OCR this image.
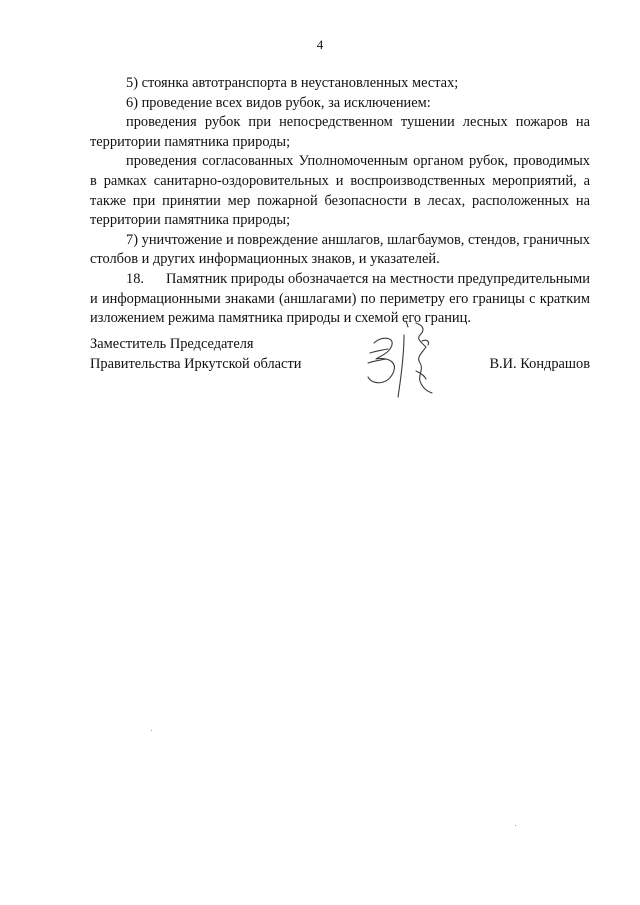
4

5) стоянка автотранспорта в неустановленных местах;

6) проведение всех видов рубок, за исключением:

проведения рубок при непосредственном тушении лесных пожаров на территории памятника природы;

проведения согласованных Уполномоченным органом рубок, проводимых в рамках санитарно-оздоровительных и воспроизводственных мероприятий, а также при принятии мер пожарной безопасности в лесах, расположенных на территории памятника природы;

7) уничтожение и повреждение аншлагов, шлагбаумов, стендов, граничных столбов и других информационных знаков, и указателей.

18.      Памятник природы обозначается на местности предупредительными и информационными знаками (аншлагами) по периметру его границы с кратким изложением режима памятника природы и схемой его границ.

Заместитель Председателя
Правительства Иркутской области	В.И. Кондрашов
